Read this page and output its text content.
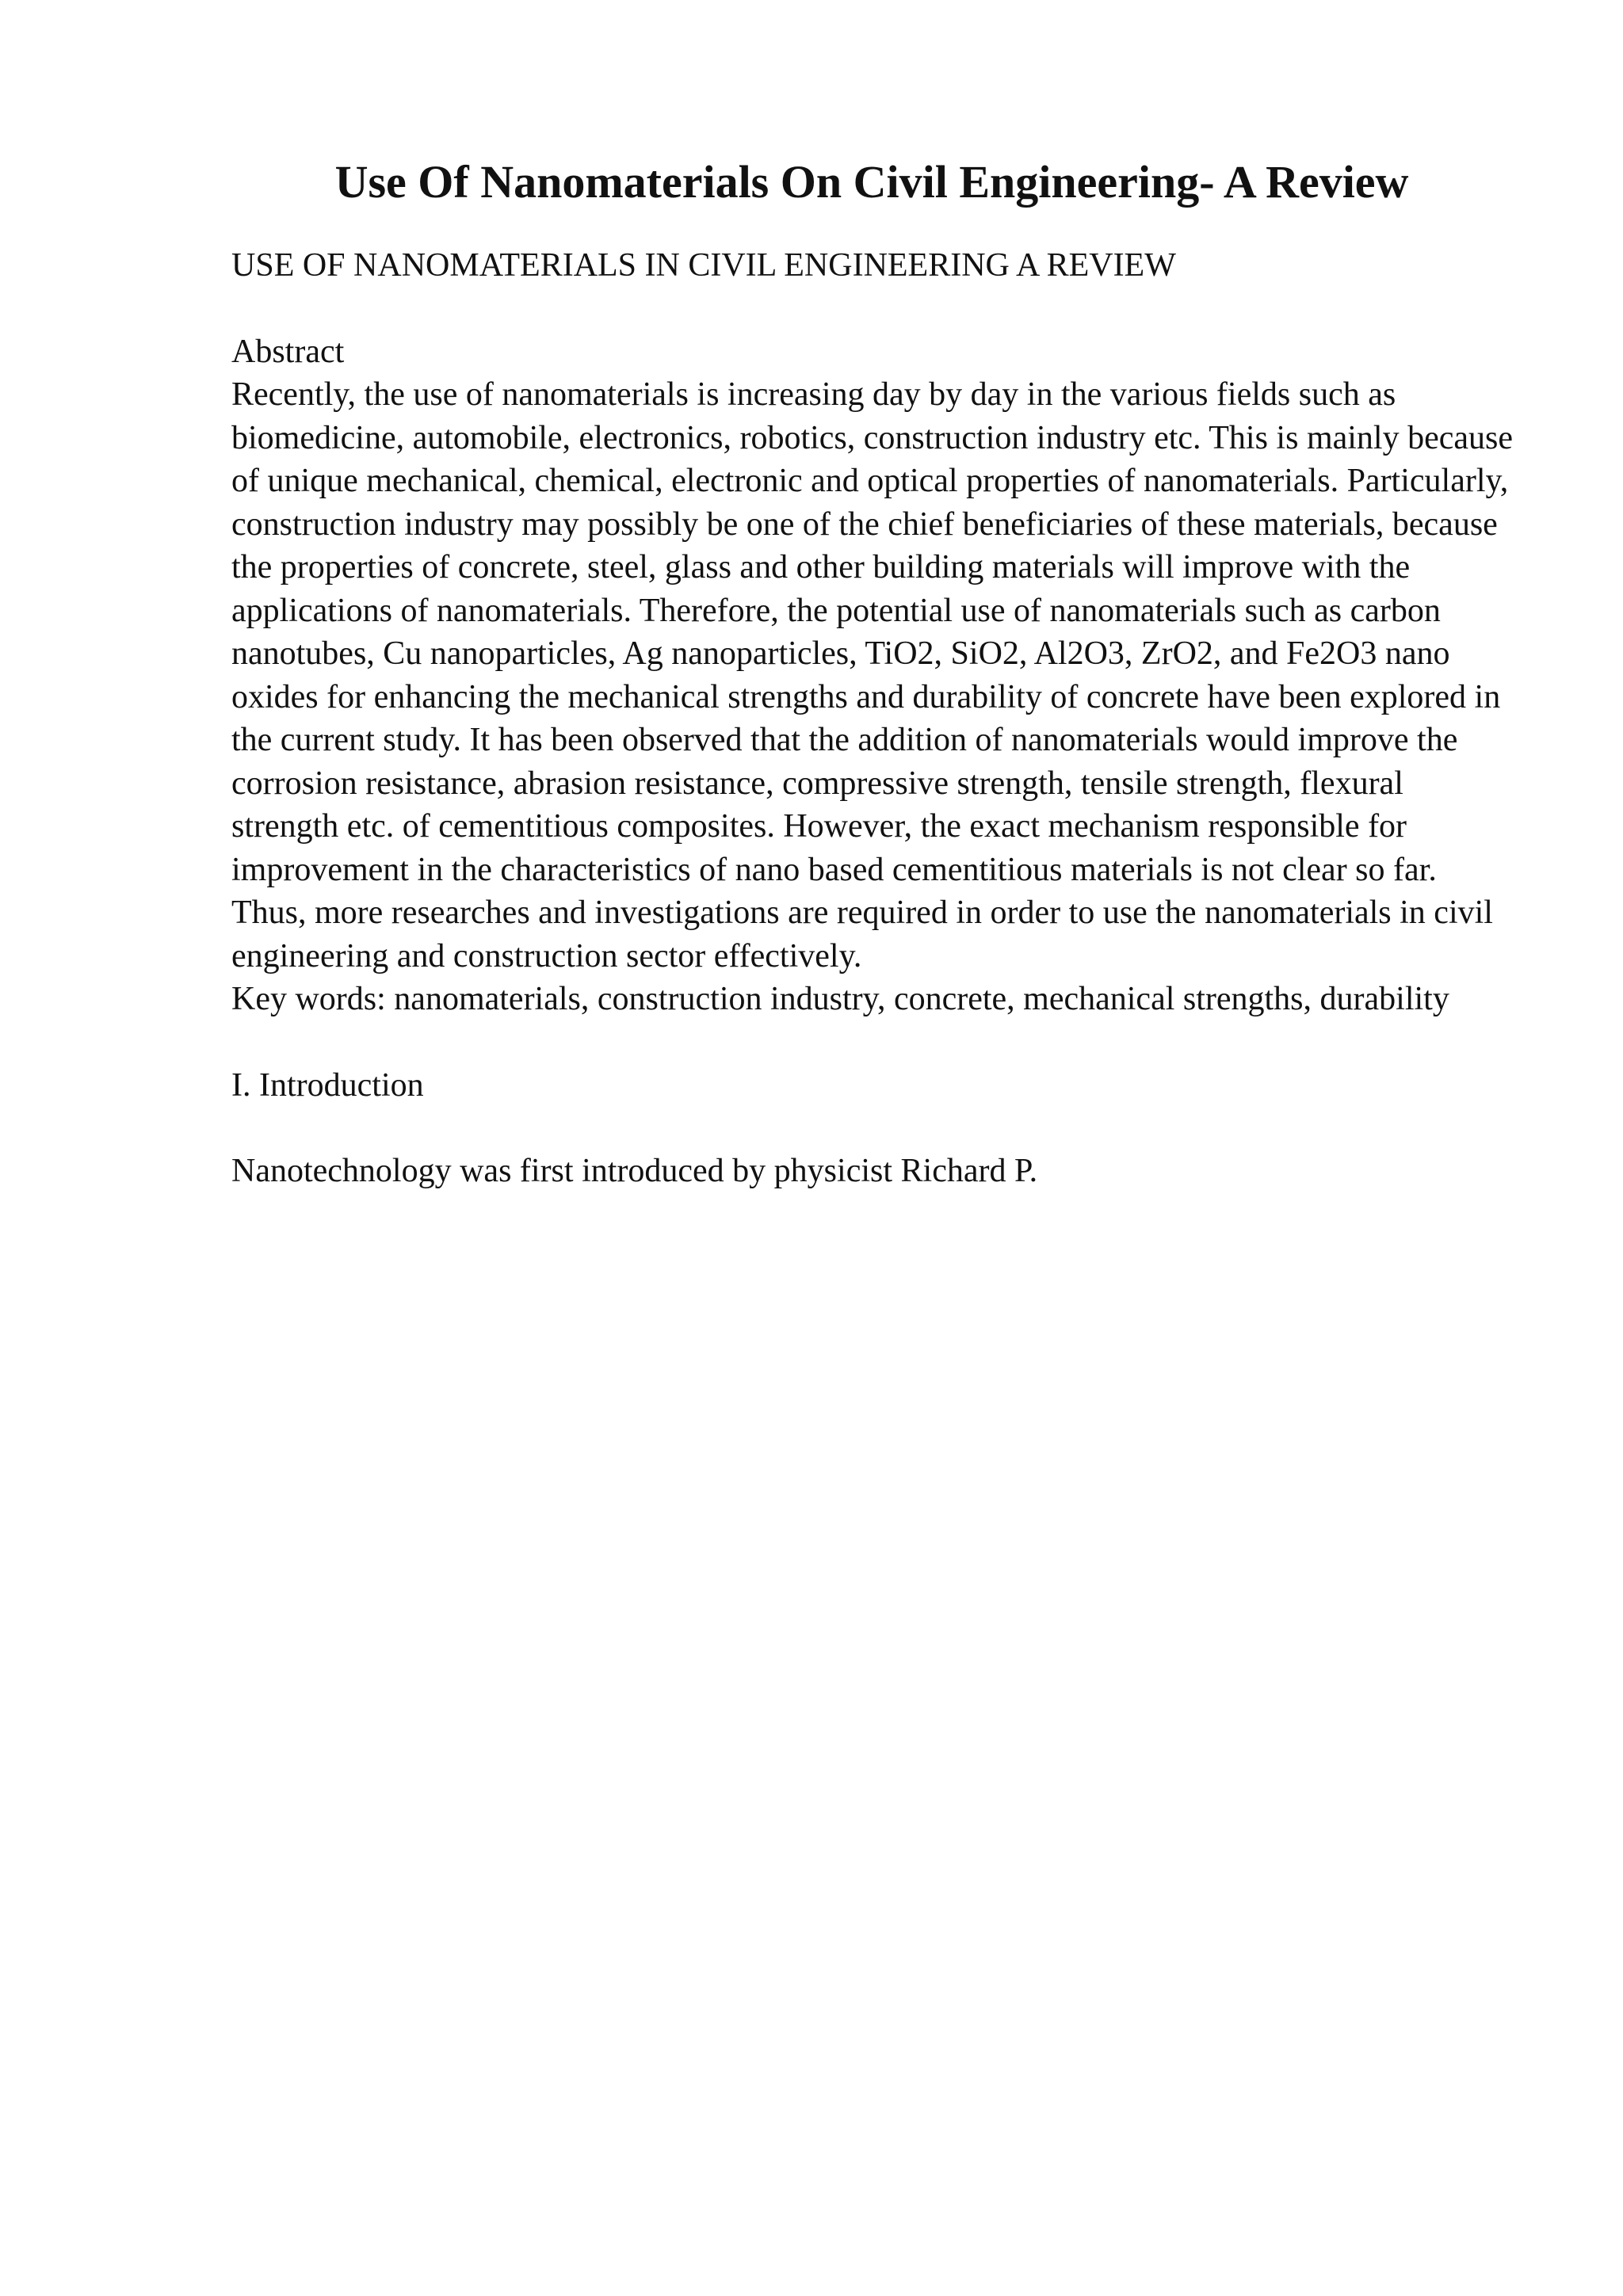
Use Of Nanomaterials On Civil Engineering- A Review

USE OF NANOMATERIALS IN CIVIL ENGINEERING A REVIEW

Abstract

Recently, the use of nanomaterials is increasing day by day in the various fields such as biomedicine, automobile, electronics, robotics, construction industry etc. This is mainly because of unique mechanical, chemical, electronic and optical properties of nanomaterials. Particularly, construction industry may possibly be one of the chief beneficiaries of these materials, because the properties of concrete, steel, glass and other building materials will improve with the applications of nanomaterials. Therefore, the potential use of nanomaterials such as carbon nanotubes, Cu nanoparticles, Ag nanoparticles, TiO2, SiO2, Al2O3, ZrO2, and Fe2O3 nano oxides for enhancing the mechanical strengths and durability of concrete have been explored in the current study. It has been observed that the addition of nanomaterials would improve the corrosion resistance, abrasion resistance, compressive strength, tensile strength, flexural strength etc. of cementitious composites. However, the exact mechanism responsible for improvement in the characteristics of nano based cementitious materials is not clear so far. Thus, more researches and investigations are required in order to use the nanomaterials in civil engineering and construction sector effectively.

Key words: nanomaterials, construction industry, concrete, mechanical strengths, durability

I. Introduction

Nanotechnology was first introduced by physicist Richard P.
